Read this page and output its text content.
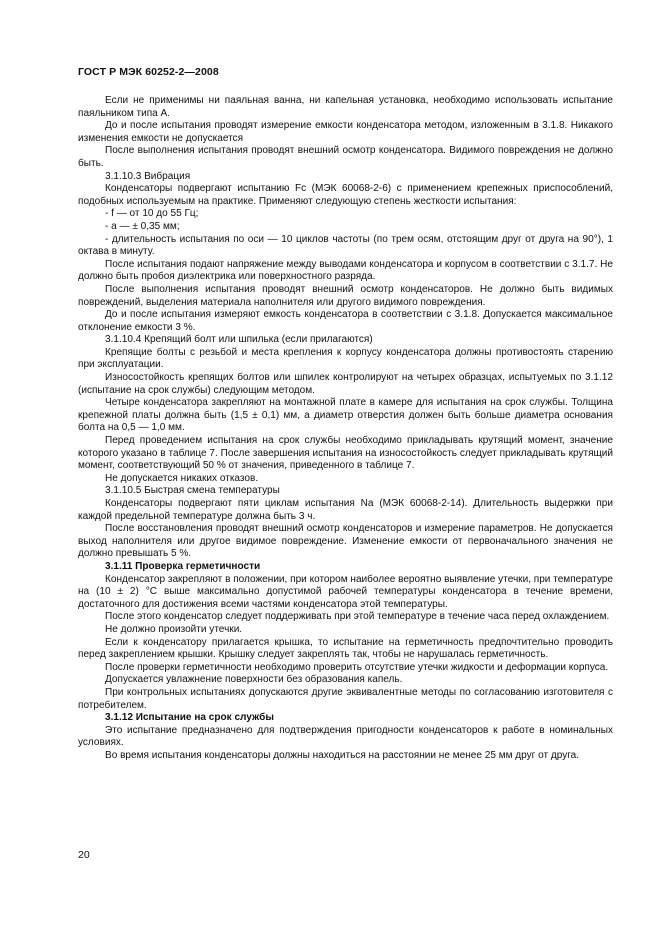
ГОСТ Р МЭК 60252-2—2008

Если не применимы ни паяльная ванна, ни капельная установка, необходимо использовать испытание паяльником типа А.

До и после испытания проводят измерение емкости конденсатора методом, изложенным в 3.1.8. Никакого изменения емкости не допускается

После выполнения испытания проводят внешний осмотр конденсатора. Видимого повреждения не должно быть.

3.1.10.3 Вибрация

Конденсаторы подвергают испытанию Fc (МЭК 60068-2-6) с применением крепежных приспособлений, подобных используемым на практике. Применяют следующую степень жесткости испытания:

- f — от 10 до 55 Гц;

- a — ± 0,35 мм;

- длительность испытания по оси — 10 циклов частоты (по трем осям, отстоящим друг от друга на 90°), 1 октава в минуту.

После испытания подают напряжение между выводами конденсатора и корпусом в соответствии с 3.1.7. Не должно быть пробоя диэлектрика или поверхностного разряда.

После выполнения испытания проводят внешний осмотр конденсаторов. Не должно быть видимых повреждений, выделения материала наполнителя или другого видимого повреждения.

До и после испытания измеряют емкость конденсатора в соответствии с 3.1.8. Допускается максимальное отклонение емкости 3 %.

3.1.10.4 Крепящий болт или шпилька (если прилагаются)

Крепящие болты с резьбой и места крепления к корпусу конденсатора должны противостоять старению при эксплуатации.

Износостойкость крепящих болтов или шпилек контролируют на четырех образцах, испытуемых по 3.1.12 (испытание на срок службы) следующим методом.

Четыре конденсатора закрепляют на монтажной плате в камере для испытания на срок службы. Толщина крепежной платы должна быть (1,5 ± 0,1) мм, а диаметр отверстия должен быть больше диаметра основания болта на 0,5 — 1,0 мм.

Перед проведением испытания на срок службы необходимо прикладывать крутящий момент, значение которого указано в таблице 7. После завершения испытания на износостойкость следует прикладывать крутящий момент, соответствующий 50 % от значения, приведенного в таблице 7.

Не допускается никаких отказов.

3.1.10.5 Быстрая смена температуры

Конденсаторы подвергают пяти циклам испытания Na (МЭК 60068-2-14). Длительность выдержки при каждой предельной температуре должна быть 3 ч.

После восстановления проводят внешний осмотр конденсаторов и измерение параметров. Не допускается выход наполнителя или другое видимое повреждение. Изменение емкости от первоначального значения не должно превышать 5 %.

3.1.11 Проверка герметичности

Конденсатор закрепляют в положении, при котором наиболее вероятно выявление утечки, при температуре на (10 ± 2) °С выше максимально допустимой рабочей температуры конденсатора в течение времени, достаточного для достижения всеми частями конденсатора этой температуры.

После этого конденсатор следует поддерживать при этой температуре в течение часа перед охлаждением.

Не должно произойти утечки.

Если к конденсатору прилагается крышка, то испытание на герметичность предпочтительно проводить перед закреплением крышки. Крышку следует закреплять так, чтобы не нарушалась герметичность.

После проверки герметичности необходимо проверить отсутствие утечки жидкости и деформации корпуса.

Допускается увлажнение поверхности без образования капель.

При контрольных испытаниях допускаются другие эквивалентные методы по согласованию изготовителя с потребителем.

3.1.12 Испытание на срок службы

Это испытание предназначено для подтверждения пригодности конденсаторов к работе в номинальных условиях.

Во время испытания конденсаторы должны находиться на расстоянии не менее 25 мм друг от друга.

20
